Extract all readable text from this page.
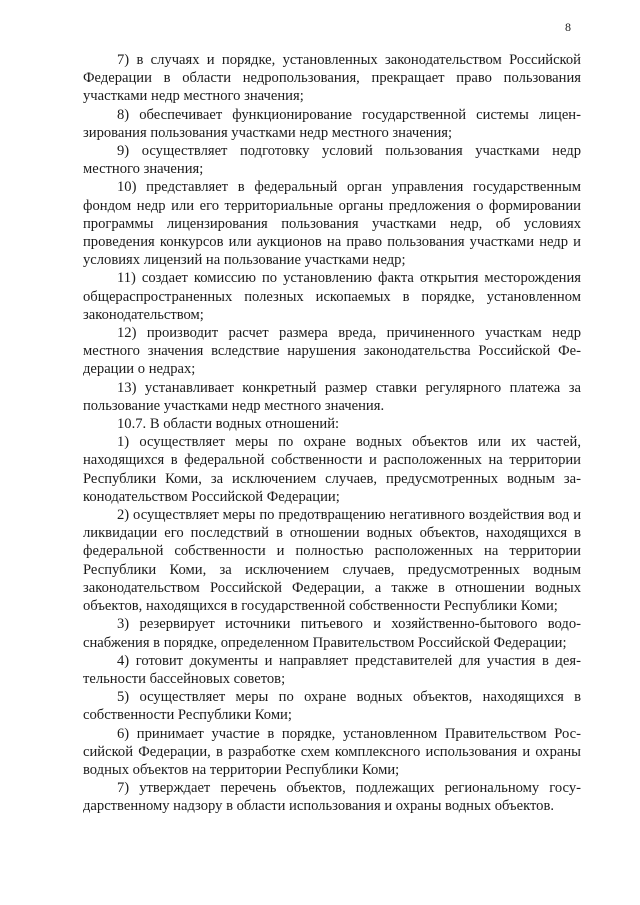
8

7) в случаях и порядке, установленных законодательством Российской Федерации в области недропользования, прекращает право пользования участками недр местного значения;

8) обеспечивает функционирование государственной системы лицензирования пользования участками недр местного значения;

9) осуществляет подготовку условий пользования участками недр местного значения;

10) представляет в федеральный орган управления государственным фондом недр или его территориальные органы предложения о формировании программы лицензирования пользования участками недр, об условиях проведения конкурсов или аукционов на право пользования участками недр и условиях лицензий на пользование участками недр;

11) создает комиссию по установлению факта открытия месторождения общераспространенных полезных ископаемых в порядке, установленном законодательством;

12) производит расчет размера вреда, причиненного участкам недр местного значения вследствие нарушения законодательства Российской Федерации о недрах;

13) устанавливает конкретный размер ставки регулярного платежа за пользование участками недр местного значения.

10.7. В области водных отношений:

1) осуществляет меры по охране водных объектов или их частей, находящихся в федеральной собственности и расположенных на территории Республики Коми, за исключением случаев, предусмотренных водным законодательством Российской Федерации;

2) осуществляет меры по предотвращению негативного воздействия вод и ликвидации его последствий в отношении водных объектов, находящихся в федеральной собственности и полностью расположенных на территории Республики Коми, за исключением случаев, предусмотренных водным законодательством Российской Федерации, а также в отношении водных объектов, находящихся в государственной собственности Республики Коми;

3) резервирует источники питьевого и хозяйственно-бытового водоснабжения в порядке, определенном Правительством Российской Федерации;

4) готовит документы и направляет представителей для участия в деятельности бассейновых советов;

5) осуществляет меры по охране водных объектов, находящихся в собственности Республики Коми;

6) принимает участие в порядке, установленном Правительством Российской Федерации, в разработке схем комплексного использования и охраны водных объектов на территории Республики Коми;

7) утверждает перечень объектов, подлежащих региональному государственному надзору в области использования и охраны водных объектов.
